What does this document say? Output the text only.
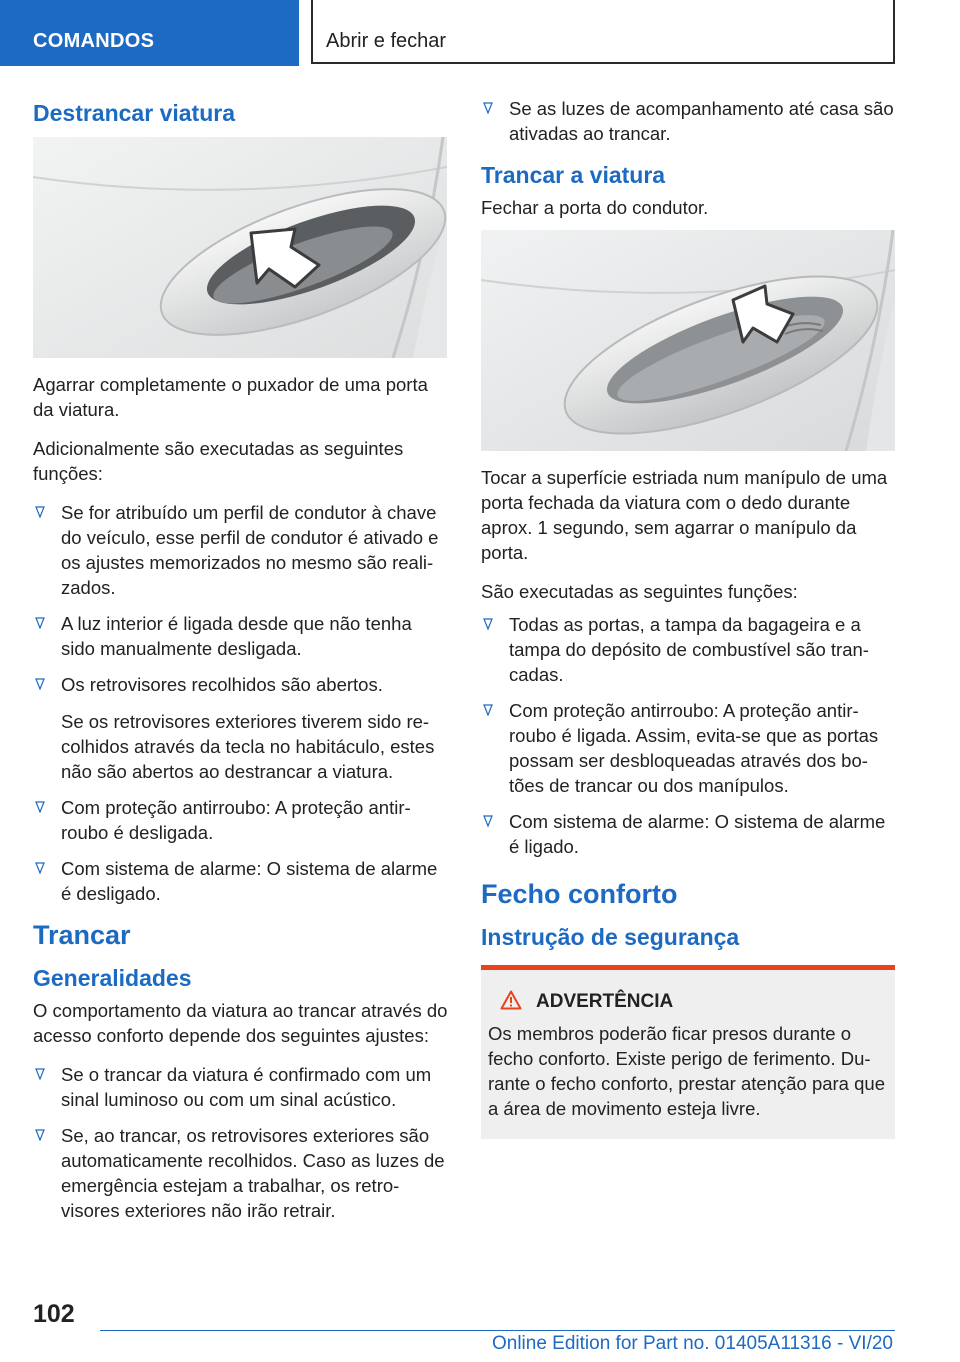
COMANDOS	Abrir e fechar
Destrancar viatura

Agarrar completamente o puxador de uma porta da viatura.

Adicionalmente são executadas as seguintes funções:

Se for atribuído um perfil de condutor à chave do veículo, esse perfil de condutor é ativado e os ajustes memorizados no mesmo são realizados.
A luz interior é ligada desde que não tenha sido manualmente desligada.
Os retrovisores recolhidos são abertos.
Se os retrovisores exteriores tiverem sido recolhidos através da tecla no habitáculo, estes não são abertos ao destrancar a viatura.
Com proteção antirroubo: A proteção antirroubo é desligada.
Com sistema de alarme: O sistema de alarme é desligado.
Trancar
Generalidades

O comportamento da viatura ao trancar através do acesso conforto depende dos seguintes ajustes:

Se o trancar da viatura é confirmado com um sinal luminoso ou com um sinal acústico.
Se, ao trancar, os retrovisores exteriores são automaticamente recolhidos. Caso as luzes de emergência estejam a trabalhar, os retrovisores exteriores não irão retrair.
Se as luzes de acompanhamento até casa são ativadas ao trancar.
Trancar a viatura

Fechar a porta do condutor.

Tocar a superfície estriada num manípulo de uma porta fechada da viatura com o dedo durante aprox. 1 segundo, sem agarrar o manípulo da porta.

São executadas as seguintes funções:

Todas as portas, a tampa da bagageira e a tampa do depósito de combustível são trancadas.
Com proteção antirroubo: A proteção antirroubo é ligada. Assim, evita-se que as portas possam ser desbloqueadas através dos botões de trancar ou dos manípulos.
Com sistema de alarme: O sistema de alarme é ligado.
Fecho conforto
Instrução de segurança
ADVERTÊNCIA

Os membros poderão ficar presos durante o fecho conforto. Existe perigo de ferimento. Durante o fecho conforto, prestar atenção para que a área de movimento esteja livre.

102
Online Edition for Part no. 01405A11316 - VI/20
